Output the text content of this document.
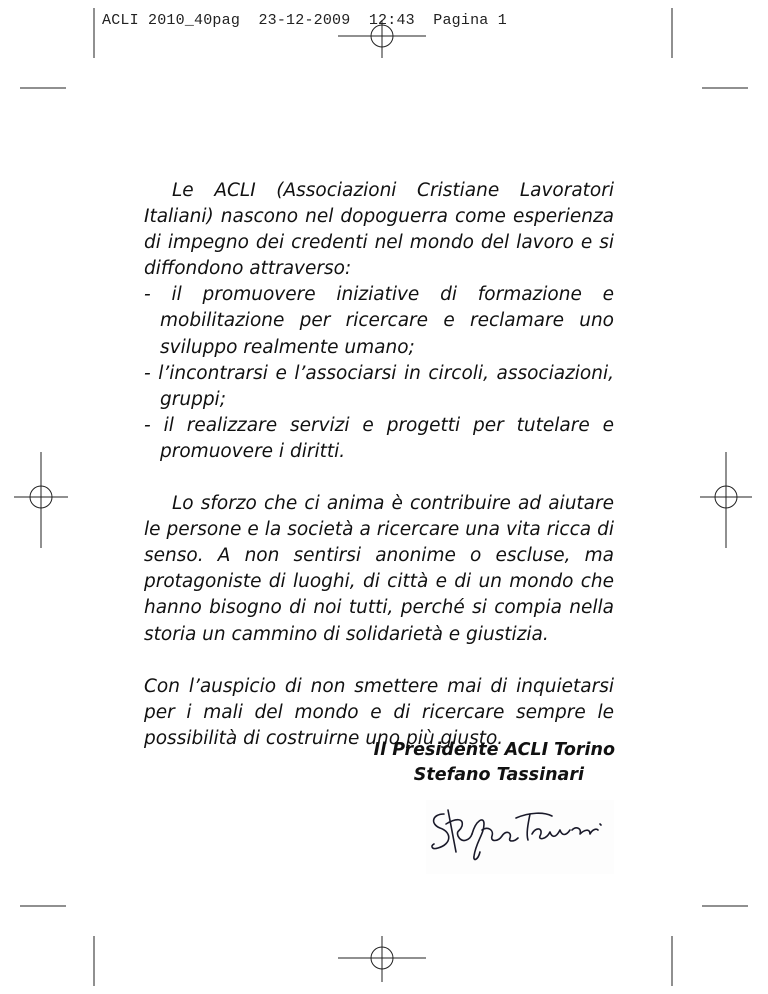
ACLI 2010_40pag 23-12-2009 12:43 Pagina 1

Le ACLI (Associazioni Cristiane Lavoratori Italiani) nascono nel dopoguerra come esperienza di impegno dei credenti nel mondo del lavoro e si diffondono attraverso:

- il promuovere iniziative di formazione e mobilitazione per ricercare e reclamare uno sviluppo realmente umano;
- l’incontrarsi e l’associarsi in circoli, associazioni, gruppi;
- il realizzare servizi e progetti per tutelare e promuovere i diritti.

Lo sforzo che ci anima è contribuire ad aiutare le persone e la società a ricercare una vita ricca di senso. A non sentirsi anonime o escluse, ma protagoniste di luoghi, di città e di un mondo che hanno bisogno di noi tutti, perché si compia nella storia un cammino di solidarietà e giustizia.

Con l’auspicio di non smettere mai di inquietarsi per i mali del mondo e di ricercare sempre le possibilità di costruirne uno più giusto.

Il Presidente ACLI Torino
Stefano Tassinari
